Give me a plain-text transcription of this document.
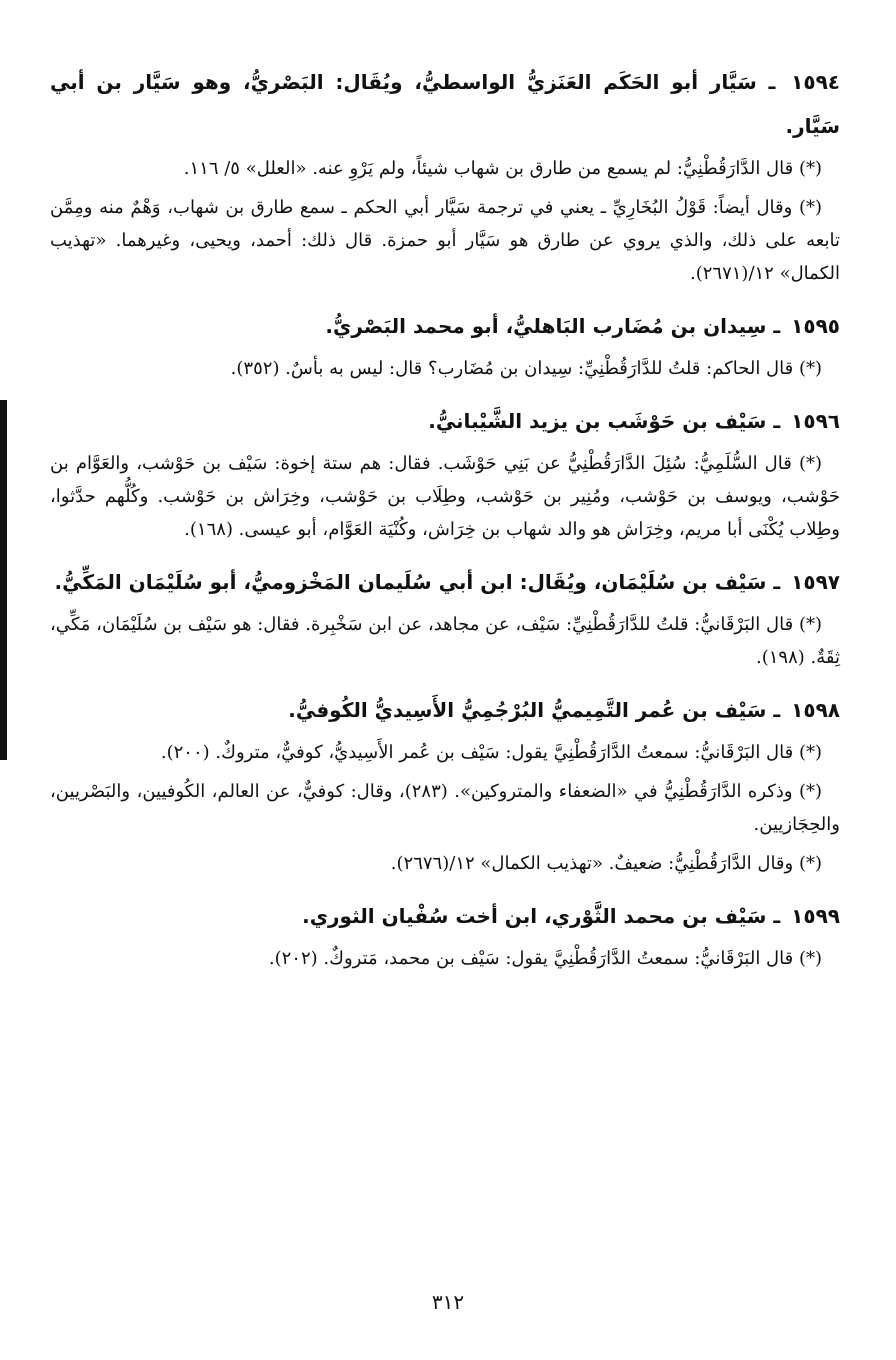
١٥٩٤ ـ سَيَّار أبو الحَكَم العَنَزيُّ الواسطيُّ، ويُقَال: البَصْريُّ، وهو سَيَّار بن أبي سَيَّار.

(*) قال الدَّارَقُطْنِيُّ: لم يسمع من طارق بن شهاب شيئاً، ولم يَرْوِ عنه. «العلل» ٥/ ١١٦.

(*) وقال أيضاً: قَوْلُ البُخَارِيِّ ـ يعني في ترجمة سَيَّار أبي الحكم ـ سمع طارق بن شهاب، وَهْمٌ منه ومِمَّن تابعه على ذلك، والذي يروي عن طارق هو سَيَّار أبو حمزة. قال ذلك: أحمد، ويحيى، وغيرهما. «تهذيب الكمال» ١٢/(٢٦٧١).

١٥٩٥ ـ سِيدان بن مُضَارب البَاهليُّ، أبو محمد البَصْريُّ.

(*) قال الحاكم: قلتُ للدَّارَقُطْنِيِّ: سِيدان بن مُضَارب؟ قال: ليس به بأسٌ. (٣٥٢).

١٥٩٦ ـ سَيْف بن حَوْشَب بن يزيد الشَّيْبانيُّ.

(*) قال السُّلَمِيُّ: سُئِلَ الدَّارَقُطْنِيُّ عن بَنِي حَوْشَب. فقال: هم ستة إخوة: سَيْف بن حَوْشب، والعَوَّام بن حَوْشب، ويوسف بن حَوْشب، ومُنِير بن حَوْشب، وطِلَاب بن حَوْشب، وخِرَاش بن حَوْشب. وكُلُّهم حدَّثوا، وطِلاب يُكْنَى أبا مريم، وخِرَاش هو والد شهاب بن خِرَاش، وكُنْيَة العَوَّام، أبو عيسى. (١٦٨).

١٥٩٧ ـ سَيْف بن سُلَيْمَان، ويُقَال: ابن أبي سُلَيمان المَخْزوميُّ، أبو سُلَيْمَان المَكِّيُّ.

(*) قال البَرْقَانيُّ: قلتُ للدَّارَقُطْنِيِّ: سَيْف، عن مجاهد، عن ابن سَخْبِرة. فقال: هو سَيْف بن سُلَيْمَان، مَكِّي، ثِقَةٌ. (١٩٨).

١٥٩٨ ـ سَيْف بن عُمر التَّمِيميُّ البُرْجُمِيُّ الأَسِيديُّ الكُوفيُّ.

(*) قال البَرْقَانيُّ: سمعتُ الدَّارَقُطْنِيَّ يقول: سَيْف بن عُمر الأَسِيديُّ، كوفيٌّ، متروكٌ. (٢٠٠).

(*) وذكره الدَّارَقُطْنِيُّ في «الضعفاء والمتروكين». (٢٨٣)، وقال: كوفيٌّ، عن العالم، الكُوفيين، والبَصْريين، والحِجَازيين.

(*) وقال الدَّارَقُطْنِيُّ: ضعيفٌ. «تهذيب الكمال» ١٢/(٢٦٧٦).

١٥٩٩ ـ سَيْف بن محمد الثَّوْري، ابن أخت سُفْيان الثوري.

(*) قال البَرْقَانيُّ: سمعتُ الدَّارَقُطْنِيَّ يقول: سَيْف بن محمد، مَتروكٌ. (٢٠٢).

٣١٢
